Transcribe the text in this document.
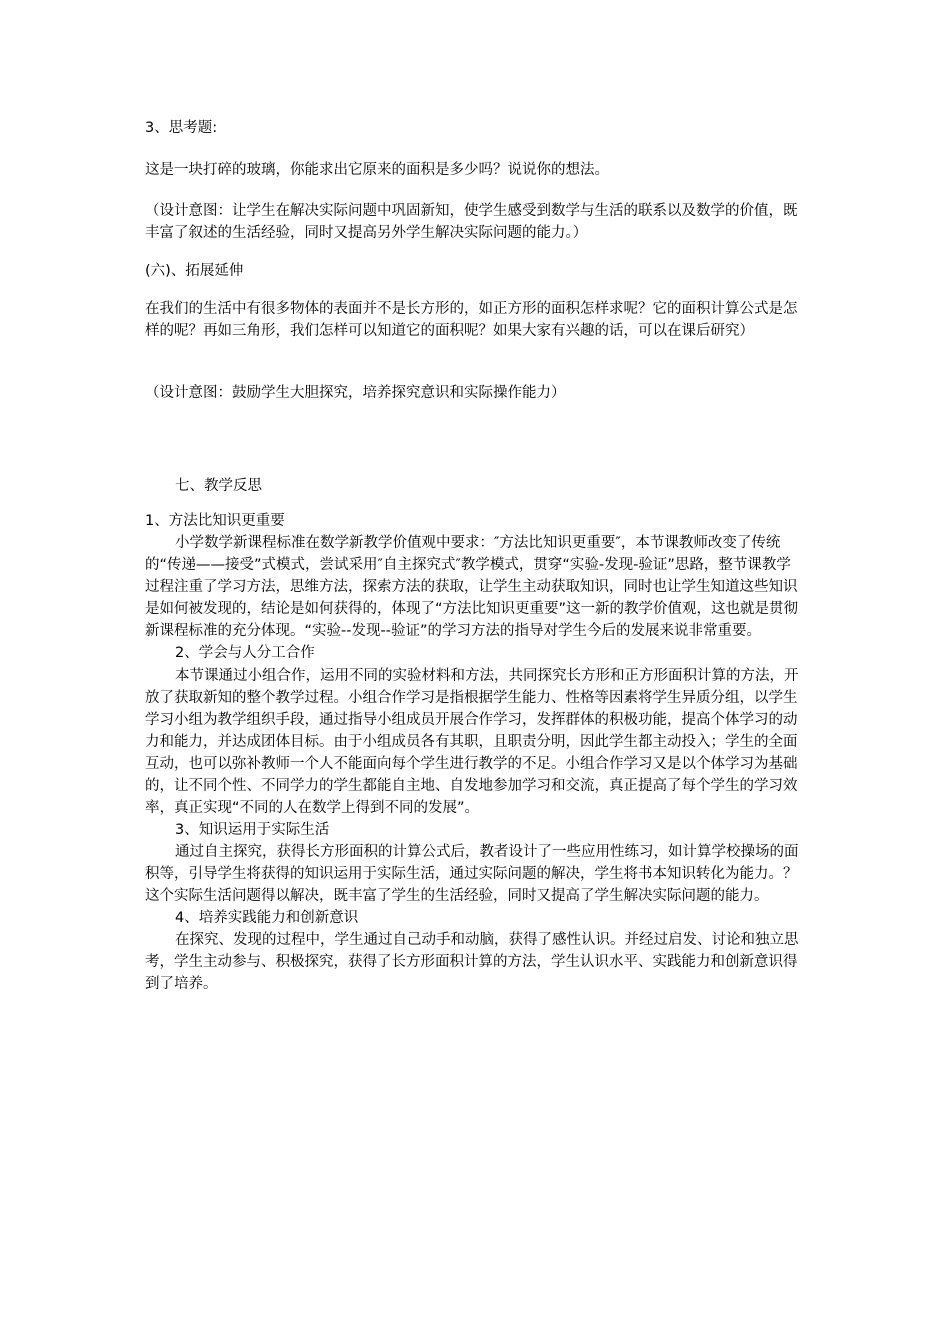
3、思考题:

这是一块打碎的玻璃，你能求出它原来的面积是多少吗？说说你的想法。

（设计意图：让学生在解决实际问题中巩固新知，使学生感受到数学与生活的联系以及数学的价值，既丰富了叙述的生活经验，同时又提高另外学生解决实际问题的能力。）

(六)、拓展延伸

在我们的生活中有很多物体的表面并不是长方形的，如正方形的面积怎样求呢？它的面积计算公式是怎样的呢？再如三角形，我们怎样可以知道它的面积呢？如果大家有兴趣的话，可以在课后研究）

（设计意图：鼓励学生大胆探究，培养探究意识和实际操作能力）

七、教学反思

1、方法比知识更重要

小学数学新课程标准在数学新教学价值观中要求：″方法比知识更重要″，本节课教师改变了传统的“传递——接受”式模式，尝试采用″自主探究式″教学模式，贯穿“实验-发现-验证”思路，整节课教学过程注重了学习方法，思维方法，探索方法的获取，让学生主动获取知识，同时也让学生知道这些知识是如何被发现的，结论是如何获得的，体现了“方法比知识更重要”这一新的教学价值观，这也就是贯彻新课程标准的充分体现。“实验--发现--验证”的学习方法的指导对学生今后的发展来说非常重要。

2、学会与人分工合作

本节课通过小组合作，运用不同的实验材料和方法，共同探究长方形和正方形面积计算的方法，开放了获取新知的整个教学过程。小组合作学习是指根据学生能力、性格等因素将学生异质分组，以学生学习小组为教学组织手段，通过指导小组成员开展合作学习，发挥群体的积极功能，提高个体学习的动力和能力，并达成团体目标。由于小组成员各有其职，且职责分明，因此学生都主动投入；学生的全面互动，也可以弥补教师一个人不能面向每个学生进行教学的不足。小组合作学习又是以个体学习为基础的，让不同个性、不同学力的学生都能自主地、自发地参加学习和交流，真正提高了每个学生的学习效率，真正实现“不同的人在数学上得到不同的发展”。

3、知识运用于实际生活

通过自主探究，获得长方形面积的计算公式后，教者设计了一些应用性练习，如计算学校操场的面积等，引导学生将获得的知识运用于实际生活，通过实际问题的解决，学生将书本知识转化为能力。？这个实际生活问题得以解决，既丰富了学生的生活经验，同时又提高了学生解决实际问题的能力。

4、培养实践能力和创新意识

在探究、发现的过程中，学生通过自己动手和动脑，获得了感性认识。并经过启发、讨论和独立思考，学生主动参与、积极探究，获得了长方形面积计算的方法，学生认识水平、实践能力和创新意识得到了培养。
